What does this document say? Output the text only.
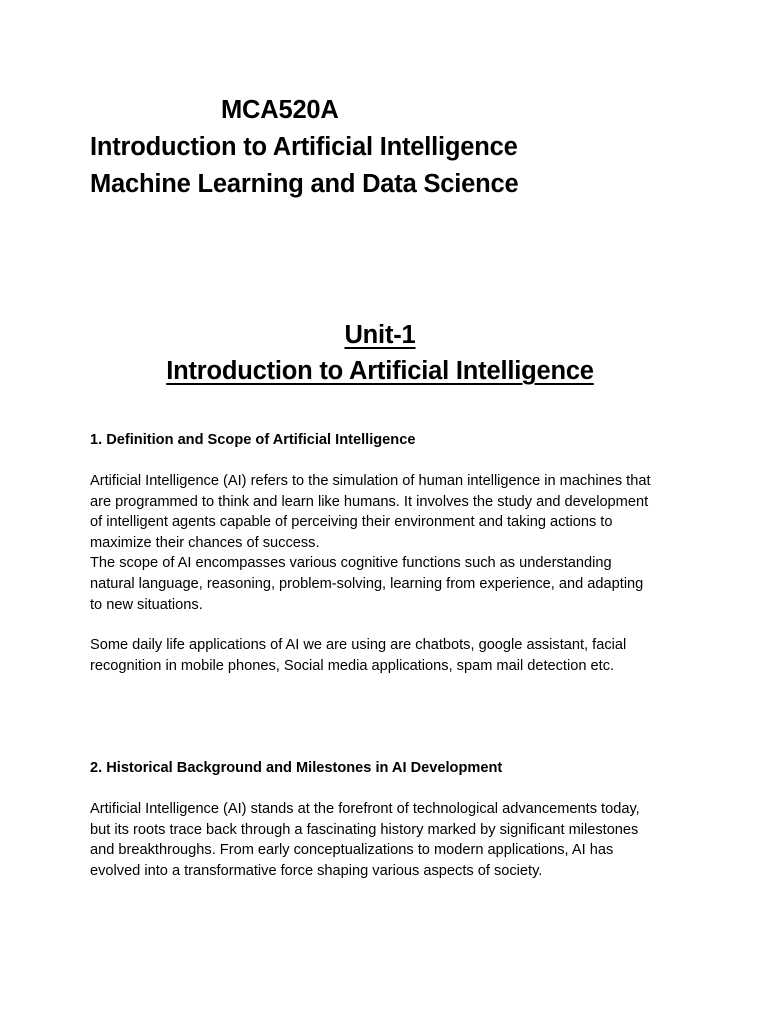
MCA520A
Introduction to Artificial Intelligence
Machine Learning and Data Science
Unit-1
Introduction to Artificial Intelligence
1. Definition and Scope of Artificial Intelligence

Artificial Intelligence (AI) refers to the simulation of human intelligence in machines that
are programmed to think and learn like humans. It involves the study and development
of intelligent agents capable of perceiving their environment and taking actions to
maximize their chances of success.
The scope of AI encompasses various cognitive functions such as understanding
natural language, reasoning, problem-solving, learning from experience, and adapting
to new situations.

Some daily life applications of AI we are using are chatbots, google assistant, facial
recognition in mobile phones, Social media applications, spam mail detection etc.

2. Historical Background and Milestones in AI Development

Artificial Intelligence (AI) stands at the forefront of technological advancements today,
but its roots trace back through a fascinating history marked by significant milestones
and breakthroughs. From early conceptualizations to modern applications, AI has
evolved into a transformative force shaping various aspects of society.
